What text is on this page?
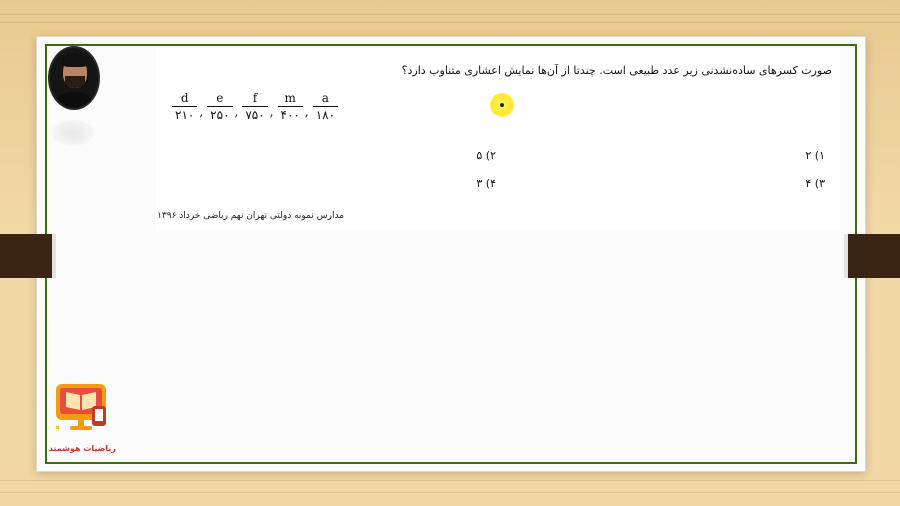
صورت کسرهای ساده‌نشدنی زیر عدد طبیعی است. چندتا از آن‌ها نمایش اعشاری متناوب دارد؟
$\frac{d}{۲۱۰}$ , $\frac{e}{۲۵۰}$ , $\frac{f}{۷۵۰}$ , $\frac{m}{۴۰۰}$ , $\frac{a}{۱۸۰}$
۱) ۲
۲) ۵
۳) ۴
۴) ۳
مدارس نمونه دولتی تهران نهم ریاضی خرداد ۱۳۹۶
ریاضیات هوشمند
